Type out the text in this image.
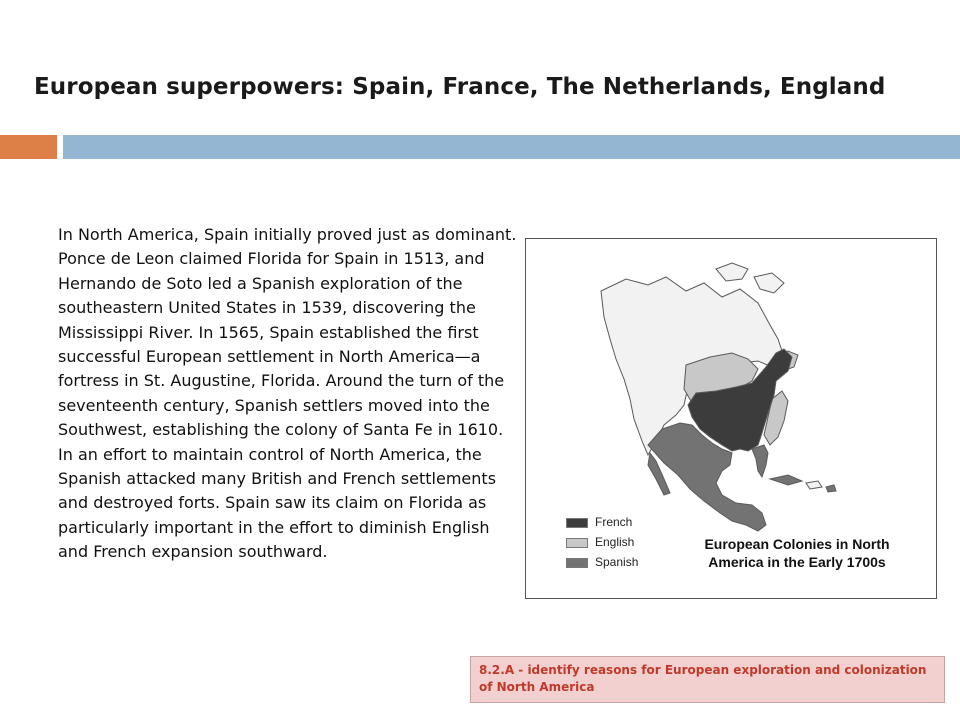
European superpowers: Spain, France, The Netherlands, England

In North America, Spain initially proved just as dominant. Ponce de Leon claimed Florida for Spain in 1513, and Hernando de Soto led a Spanish exploration of the southeastern United States in 1539, discovering the Mississippi River. In 1565, Spain established the first successful European settlement in North America—a fortress in St. Augustine, Florida. Around the turn of the seventeenth century, Spanish settlers moved into the Southwest, establishing the colony of Santa Fe in 1610. In an effort to maintain control of North America, the Spanish attacked many British and French settlements and destroyed forts. Spain saw its claim on Florida as particularly important in the effort to diminish English and French expansion southward.

French
English
Spanish
European Colonies in North America in the Early 1700s
8.2.A - identify reasons for European exploration and colonization of North America
